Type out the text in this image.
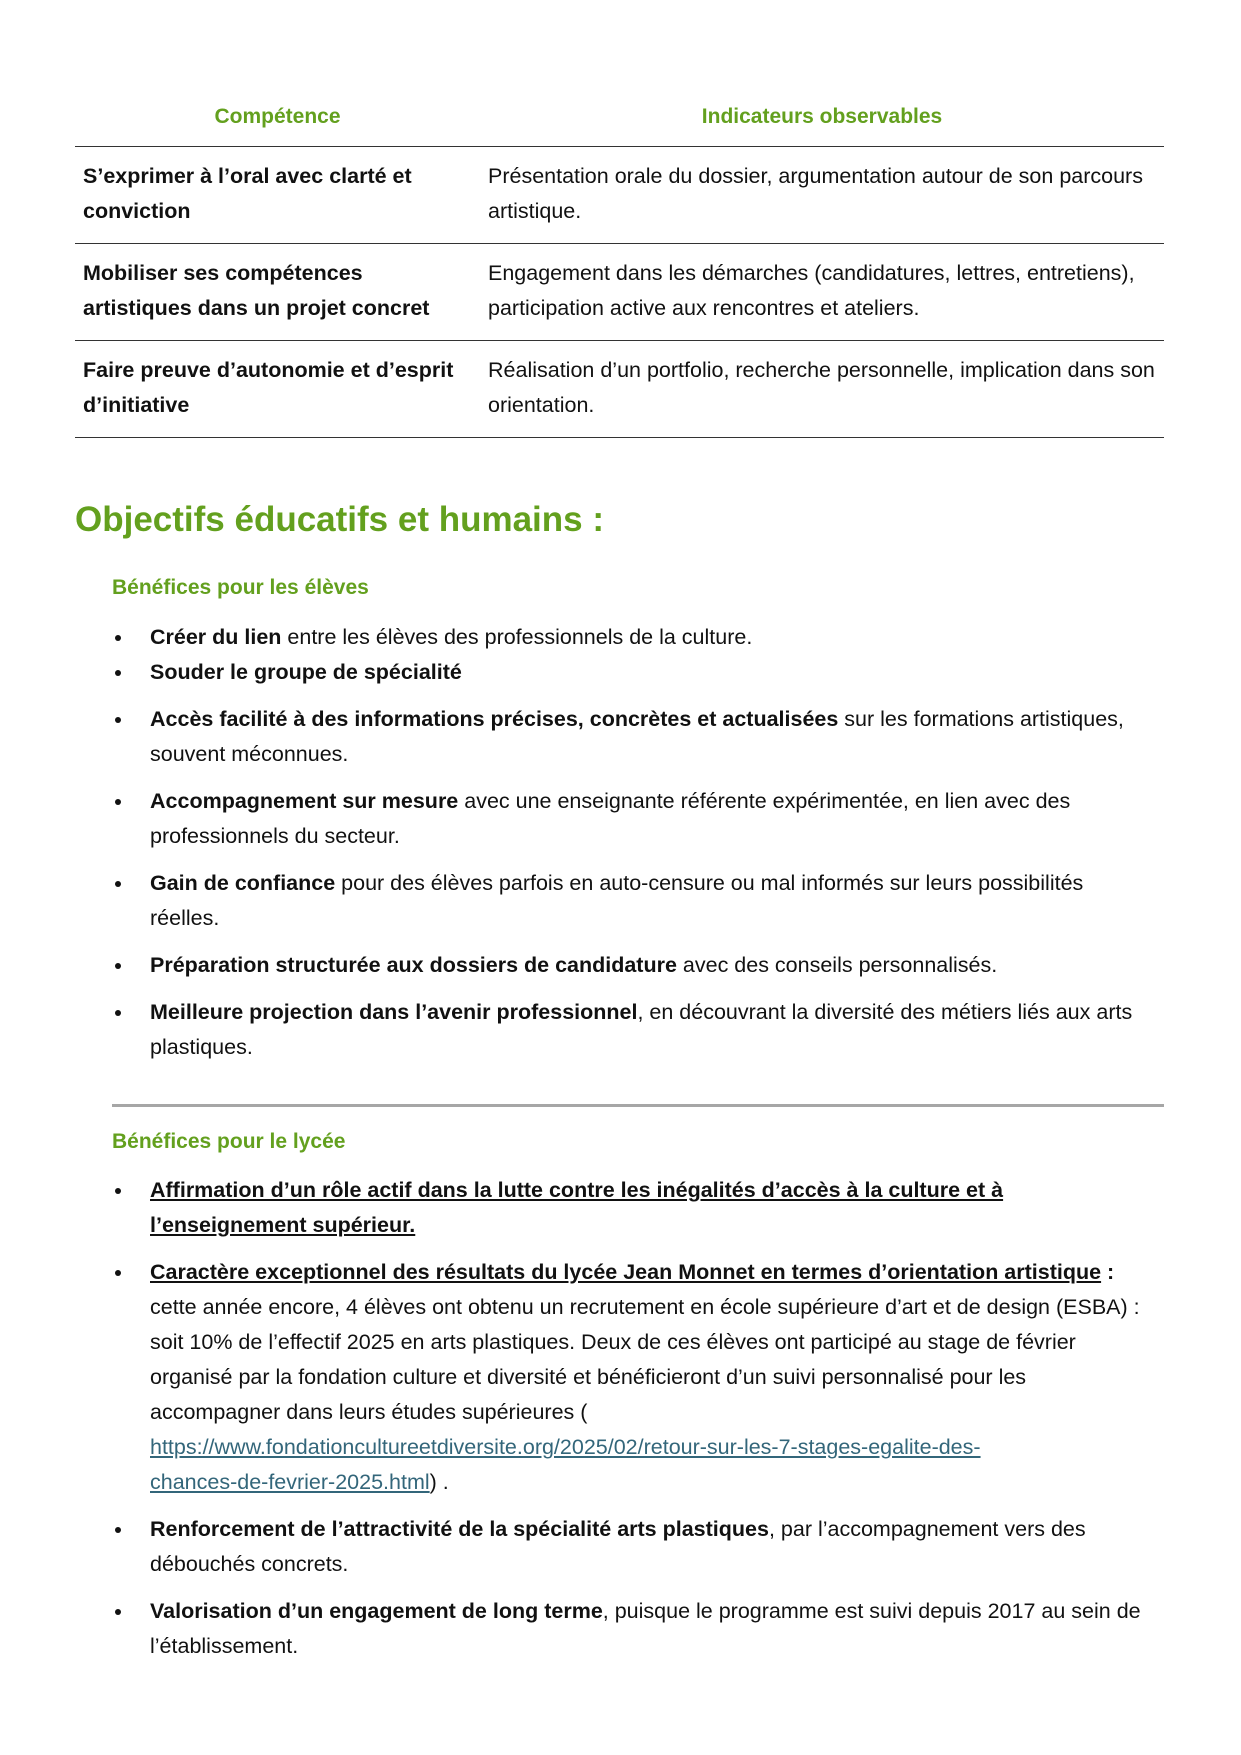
Compétence	Indicateurs observables
S’exprimer à l’oral avec clarté et conviction	Présentation orale du dossier, argumentation autour de son parcours artistique.
Mobiliser ses compétences artistiques dans un projet concret	Engagement dans les démarches (candidatures, lettres, entretiens), participation active aux rencontres et ateliers.
Faire preuve d’autonomie et d’esprit d’initiative	Réalisation d’un portfolio, recherche personnelle, implication dans son orientation.
Objectifs éducatifs et humains :
Bénéfices pour les élèves
Créer du lien entre les élèves des professionnels de la culture.
Souder le groupe de spécialité
Accès facilité à des informations précises, concrètes et actualisées sur les formations artistiques, souvent méconnues.
Accompagnement sur mesure avec une enseignante référente expérimentée, en lien avec des professionnels du secteur.
Gain de confiance pour des élèves parfois en auto-censure ou mal informés sur leurs possibilités réelles.
Préparation structurée aux dossiers de candidature avec des conseils personnalisés.
Meilleure projection dans l’avenir professionnel, en découvrant la diversité des métiers liés aux arts plastiques.
Bénéfices pour le lycée
Affirmation d’un rôle actif dans la lutte contre les inégalités d’accès à la culture et à l’enseignement supérieur.
Caractère exceptionnel des résultats du lycée Jean Monnet en termes d’orientation artistique : cette année encore, 4 élèves ont obtenu un recrutement en école supérieure d’art et de design (ESBA) : soit 10% de l’effectif 2025 en arts plastiques. Deux de ces élèves ont participé au stage de février organisé par la fondation culture et diversité et bénéficieront d’un suivi personnalisé pour les accompagner dans leurs études supérieures (
https://www.fondationcultureetdiversite.org/2025/02/retour-sur-les-7-stages-egalite-des-
chances-de-fevrier-2025.html) .
Renforcement de l’attractivité de la spécialité arts plastiques, par l’accompagnement vers des débouchés concrets.
Valorisation d’un engagement de long terme, puisque le programme est suivi depuis 2017 au sein de l’établissement.
